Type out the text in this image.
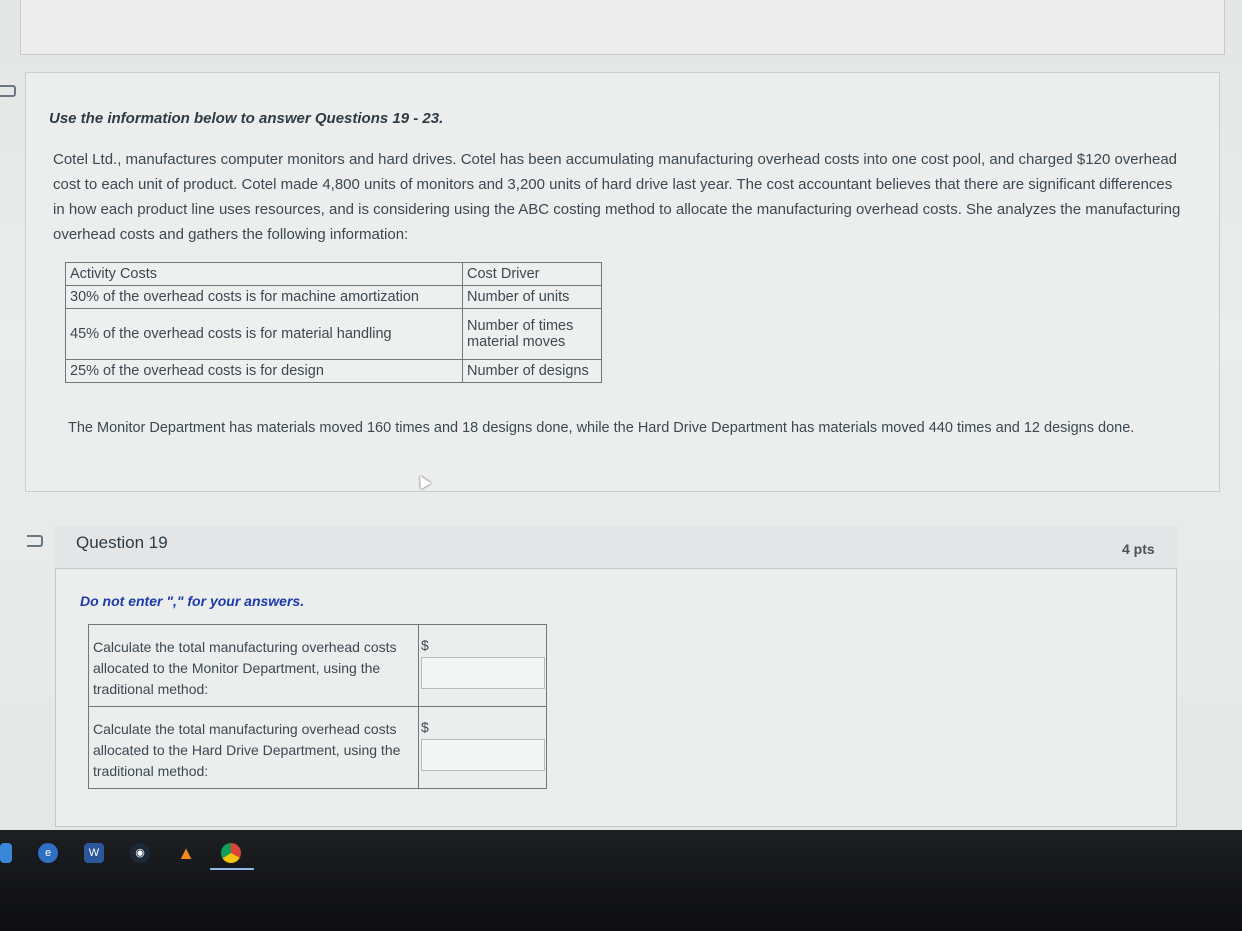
Use the information below to answer Questions 19 - 23.
Cotel Ltd., manufactures computer monitors and hard drives. Cotel has been accumulating manufacturing overhead costs into one cost pool, and charged $120 overhead cost to each unit of product. Cotel made 4,800 units of monitors and 3,200 units of hard drive last year. The cost accountant believes that there are significant differences in how each product line uses resources, and is considering using the ABC costing method to allocate the manufacturing overhead costs. She analyzes the manufacturing overhead costs and gathers the following information:
Activity Costs	Cost Driver
30% of the overhead costs is for machine amortization	Number of units
45% of the overhead costs is for material handling	Number of times material moves
25% of the overhead costs is for design	Number of designs
The Monitor Department has materials moved 160 times and 18 designs done, while the Hard Drive Department has materials moved 440 times and 12 designs done.
Question 19	4 pts
Do not enter "," for your answers.
Calculate the total manufacturing overhead costs allocated to the Monitor Department, using the traditional method:	$

Calculate the total manufacturing overhead costs allocated to the Hard Drive Department, using the traditional method:	$
e	W	◉ ▲
